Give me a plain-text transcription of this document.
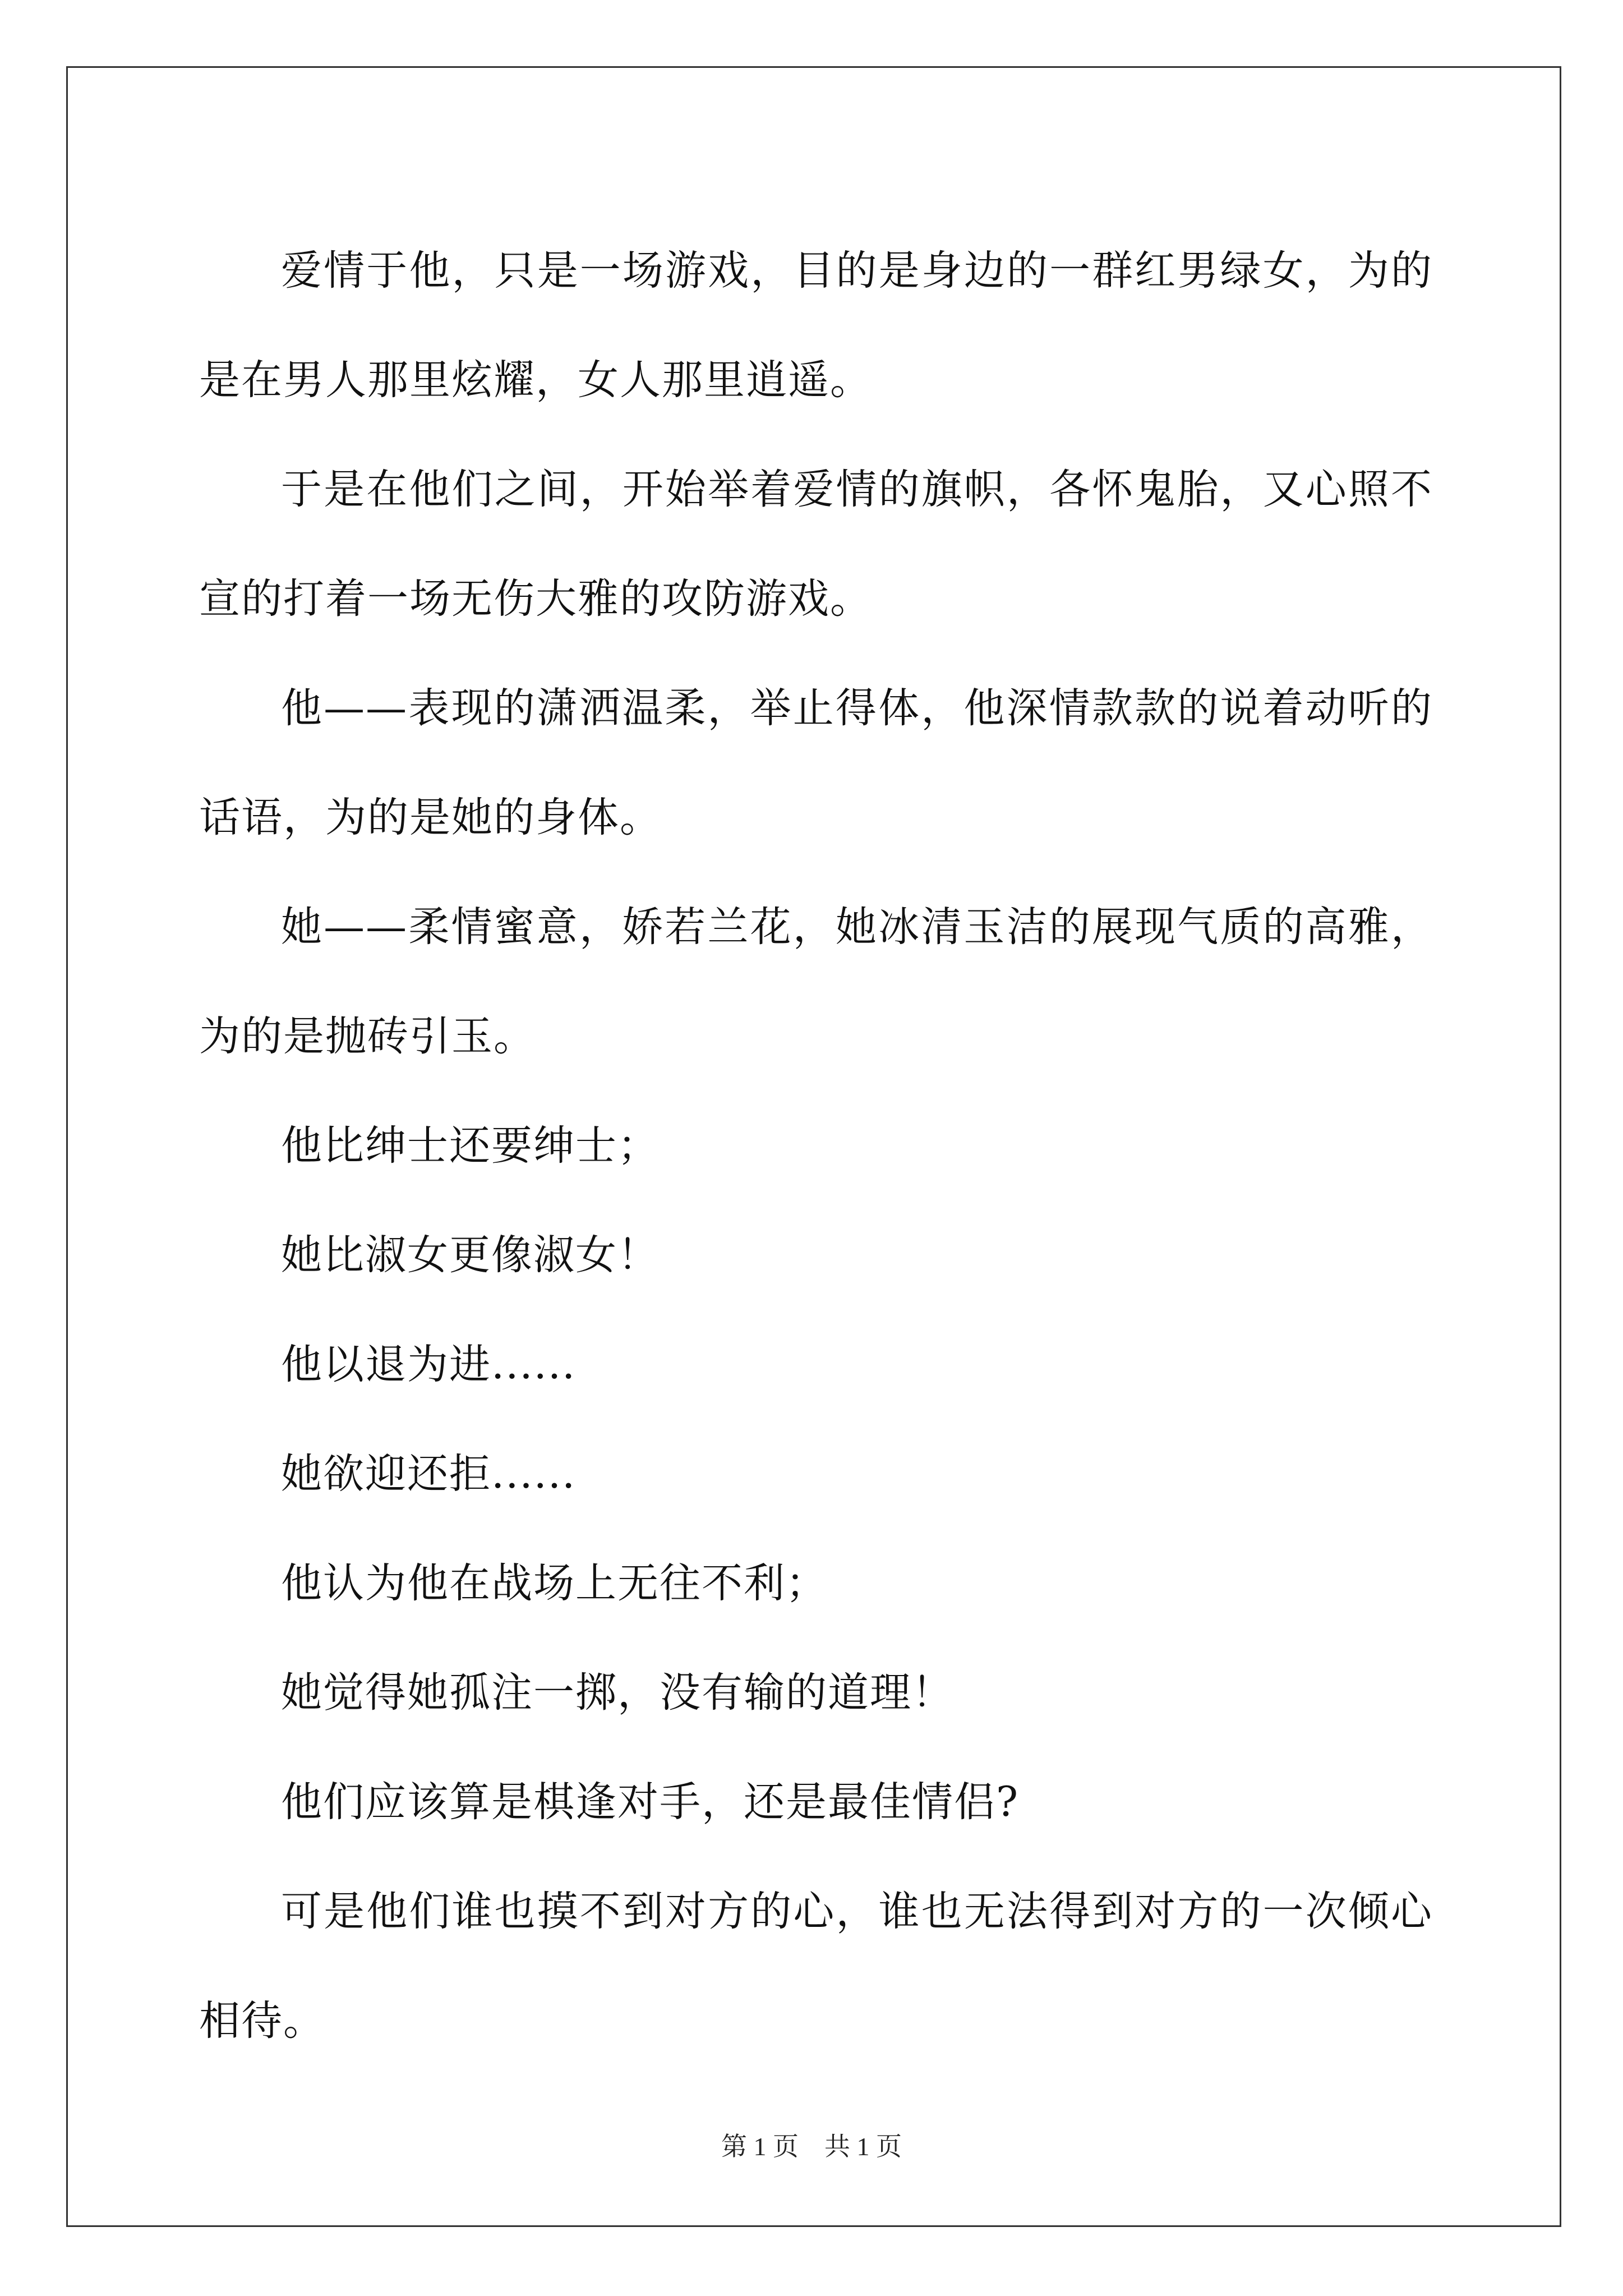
爱情于他，只是一场游戏，目的是身边的一群红男绿女，为的是在男人那里炫耀，女人那里逍遥。

于是在他们之间，开始举着爱情的旗帜，各怀鬼胎，又心照不宣的打着一场无伤大雅的攻防游戏。

他——表现的潇洒温柔，举止得体，他深情款款的说着动听的话语，为的是她的身体。

她——柔情蜜意，娇若兰花，她冰清玉洁的展现气质的高雅，为的是抛砖引玉。

他比绅士还要绅士；

她比淑女更像淑女！

他以退为进......

她欲迎还拒......

他认为他在战场上无往不利；

她觉得她孤注一掷，没有输的道理！

他们应该算是棋逢对手，还是最佳情侣?

可是他们谁也摸不到对方的心，谁也无法得到对方的一次倾心相待。

第 1 页 共 1 页
